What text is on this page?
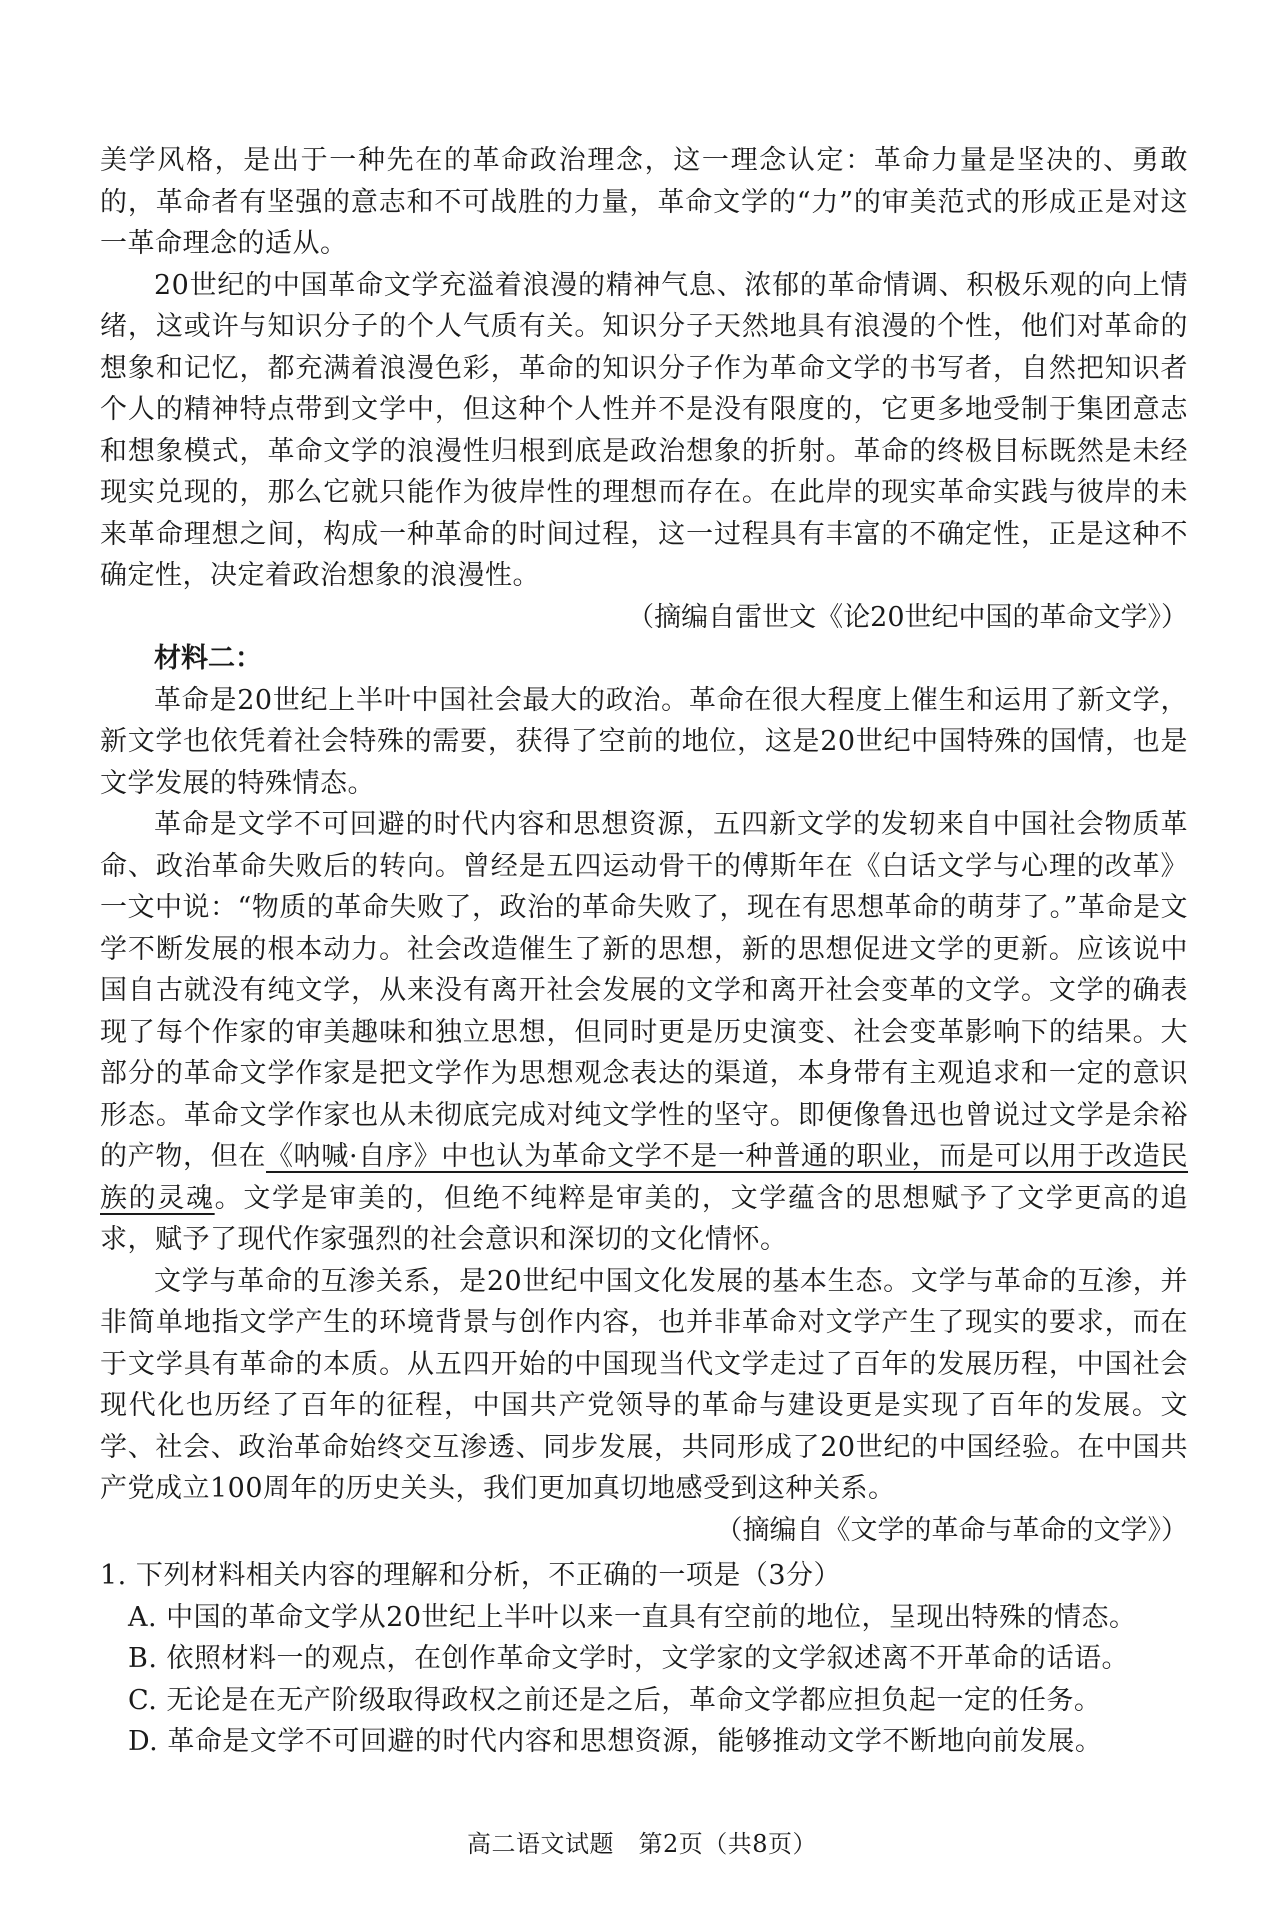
美学风格，是出于一种先在的革命政治理念，这一理念认定：革命力量是坚决的、勇敢的，革命者有坚强的意志和不可战胜的力量，革命文学的“力”的审美范式的形成正是对这一革命理念的适从。

20世纪的中国革命文学充溢着浪漫的精神气息、浓郁的革命情调、积极乐观的向上情绪，这或许与知识分子的个人气质有关。知识分子天然地具有浪漫的个性，他们对革命的想象和记忆，都充满着浪漫色彩，革命的知识分子作为革命文学的书写者，自然把知识者个人的精神特点带到文学中，但这种个人性并不是没有限度的，它更多地受制于集团意志和想象模式，革命文学的浪漫性归根到底是政治想象的折射。革命的终极目标既然是未经现实兑现的，那么它就只能作为彼岸性的理想而存在。在此岸的现实革命实践与彼岸的未来革命理想之间，构成一种革命的时间过程，这一过程具有丰富的不确定性，正是这种不确定性，决定着政治想象的浪漫性。

（摘编自雷世文《论20世纪中国的革命文学》）
材料二：

革命是20世纪上半叶中国社会最大的政治。革命在很大程度上催生和运用了新文学，新文学也依凭着社会特殊的需要，获得了空前的地位，这是20世纪中国特殊的国情，也是文学发展的特殊情态。

革命是文学不可回避的时代内容和思想资源，五四新文学的发轫来自中国社会物质革命、政治革命失败后的转向。曾经是五四运动骨干的傅斯年在《白话文学与心理的改革》一文中说：“物质的革命失败了，政治的革命失败了，现在有思想革命的萌芽了。”革命是文学不断发展的根本动力。社会改造催生了新的思想，新的思想促进文学的更新。应该说中国自古就没有纯文学，从来没有离开社会发展的文学和离开社会变革的文学。文学的确表现了每个作家的审美趣味和独立思想，但同时更是历史演变、社会变革影响下的结果。大部分的革命文学作家是把文学作为思想观念表达的渠道，本身带有主观追求和一定的意识形态。革命文学作家也从未彻底完成对纯文学性的坚守。即便像鲁迅也曾说过文学是余裕的产物，但在《呐喊·自序》中也认为革命文学不是一种普通的职业，而是可以用于改造民族的灵魂。文学是审美的，但绝不纯粹是审美的，文学蕴含的思想赋予了文学更高的追求，赋予了现代作家强烈的社会意识和深切的文化情怀。

文学与革命的互渗关系，是20世纪中国文化发展的基本生态。文学与革命的互渗，并非简单地指文学产生的环境背景与创作内容，也并非革命对文学产生了现实的要求，而在于文学具有革命的本质。从五四开始的中国现当代文学走过了百年的发展历程，中国社会现代化也历经了百年的征程，中国共产党领导的革命与建设更是实现了百年的发展。文学、社会、政治革命始终交互渗透、同步发展，共同形成了20世纪的中国经验。在中国共产党成立100周年的历史关头，我们更加真切地感受到这种关系。

（摘编自《文学的革命与革命的文学》）

1. 下列材料相关内容的理解和分析，不正确的一项是（3分）

A. 中国的革命文学从20世纪上半叶以来一直具有空前的地位，呈现出特殊的情态。

B. 依照材料一的观点，在创作革命文学时，文学家的文学叙述离不开革命的话语。

C. 无论是在无产阶级取得政权之前还是之后，革命文学都应担负起一定的任务。

D. 革命是文学不可回避的时代内容和思想资源，能够推动文学不断地向前发展。

高二语文试题　第2页（共8页）
